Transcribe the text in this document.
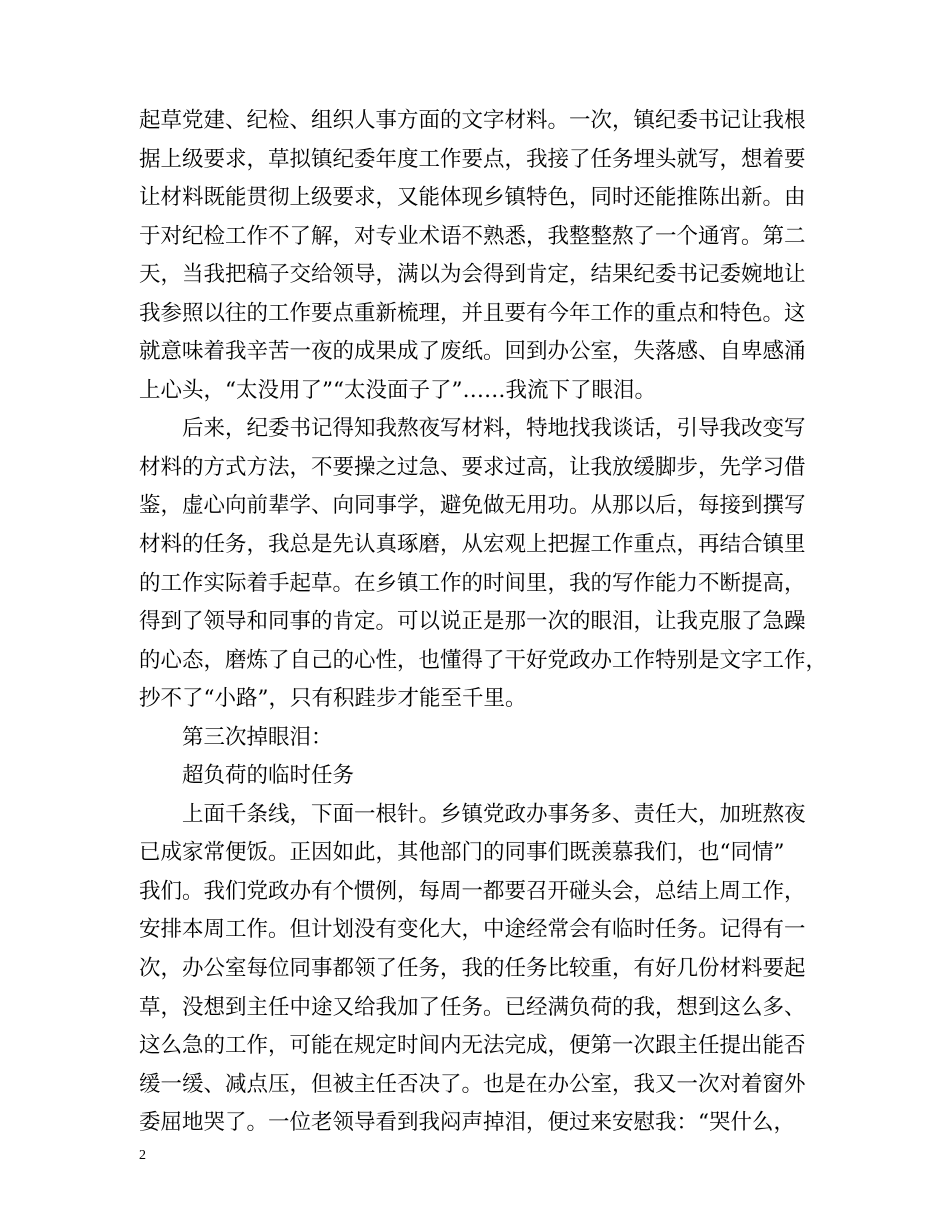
起草党建、纪检、组织人事方面的文字材料。一次，镇纪委书记让我根
据上级要求，草拟镇纪委年度工作要点，我接了任务埋头就写，想着要
让材料既能贯彻上级要求，又能体现乡镇特色，同时还能推陈出新。由
于对纪检工作不了解，对专业术语不熟悉，我整整熬了一个通宵。第二
天，当我把稿子交给领导，满以为会得到肯定，结果纪委书记委婉地让
我参照以往的工作要点重新梳理，并且要有今年工作的重点和特色。这
就意味着我辛苦一夜的成果成了废纸。回到办公室，失落感、自卑感涌
上心头，“太没用了”“太没面子了”……我流下了眼泪。
后来，纪委书记得知我熬夜写材料，特地找我谈话，引导我改变写
材料的方式方法，不要操之过急、要求过高，让我放缓脚步，先学习借
鉴，虚心向前辈学、向同事学，避免做无用功。从那以后，每接到撰写
材料的任务，我总是先认真琢磨，从宏观上把握工作重点，再结合镇里
的工作实际着手起草。在乡镇工作的时间里，我的写作能力不断提高，
得到了领导和同事的肯定。可以说正是那一次的眼泪，让我克服了急躁
的心态，磨炼了自己的心性，也懂得了干好党政办工作特别是文字工作，
抄不了“小路”，只有积跬步才能至千里。
第三次掉眼泪：
超负荷的临时任务
上面千条线，下面一根针。乡镇党政办事务多、责任大，加班熬夜
已成家常便饭。正因如此，其他部门的同事们既羡慕我们，也“同情”
我们。我们党政办有个惯例，每周一都要召开碰头会，总结上周工作，
安排本周工作。但计划没有变化大，中途经常会有临时任务。记得有一
次，办公室每位同事都领了任务，我的任务比较重，有好几份材料要起
草，没想到主任中途又给我加了任务。已经满负荷的我，想到这么多、
这么急的工作，可能在规定时间内无法完成，便第一次跟主任提出能否
缓一缓、减点压，但被主任否决了。也是在办公室，我又一次对着窗外
委屈地哭了。一位老领导看到我闷声掉泪，便过来安慰我：“哭什么，
2
